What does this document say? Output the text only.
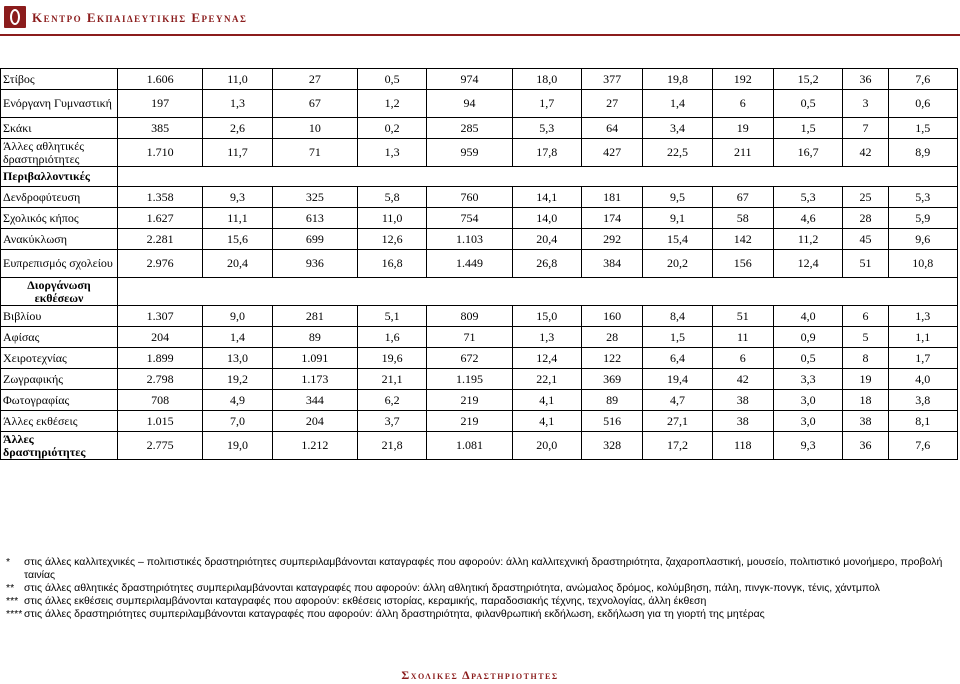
Κεντρο Εκπαιδευτικης Ερευνας
Στίβος	1.606	11,0	27	0,5	974	18,0	377	19,8	192	15,2	36	7,6
Ενόργανη Γυμναστική	197	1,3	67	1,2	94	1,7	27	1,4	6	0,5	3	0,6
Σκάκι	385	2,6	10	0,2	285	5,3	64	3,4	19	1,5	7	1,5
Άλλες αθλητικές δραστηριότητες	1.710	11,7	71	1,3	959	17,8	427	22,5	211	16,7	42	8,9
Περιβαλλοντικές												
Δενδροφύτευση	1.358	9,3	325	5,8	760	14,1	181	9,5	67	5,3	25	5,3
Σχολικός κήπος	1.627	11,1	613	11,0	754	14,0	174	9,1	58	4,6	28	5,9
Ανακύκλωση	2.281	15,6	699	12,6	1.103	20,4	292	15,4	142	11,2	45	9,6
Ευπρεπισμός σχολείου	2.976	20,4	936	16,8	1.449	26,8	384	20,2	156	12,4	51	10,8
Διοργάνωση εκθέσεων												
Βιβλίου	1.307	9,0	281	5,1	809	15,0	160	8,4	51	4,0	6	1,3
Αφίσας	204	1,4	89	1,6	71	1,3	28	1,5	11	0,9	5	1,1
Χειροτεχνίας	1.899	13,0	1.091	19,6	672	12,4	122	6,4	6	0,5	8	1,7
Ζωγραφικής	2.798	19,2	1.173	21,1	1.195	22,1	369	19,4	42	3,3	19	4,0
Φωτογραφίας	708	4,9	344	6,2	219	4,1	89	4,7	38	3,0	18	3,8
Άλλες εκθέσεις	1.015	7,0	204	3,7	219	4,1	516	27,1	38	3,0	38	8,1
Άλλες δραστηριότητες	2.775	19,0	1.212	21,8	1.081	20,0	328	17,2	118	9,3	36	7,6
*	στις άλλες καλλιτεχνικές – πολιτιστικές δραστηριότητες συμπεριλαμβάνονται καταγραφές που αφορούν: άλλη καλλιτεχνική δραστηριότητα, ζαχαροπλαστική, μουσείο, πολιτιστικό μονοήμερο, προβολή ταινίας
** στις άλλες αθλητικές δραστηριότητες συμπεριλαμβάνονται καταγραφές που αφορούν: άλλη αθλητική δραστηριότητα, ανώμαλος δρόμος, κολύμβηση, πάλη, πινγκ-πονγκ, τένις, χάντμπολ
*** στις άλλες εκθέσεις συμπεριλαμβάνονται καταγραφές που αφορούν: εκθέσεις ιστορίας, κεραμικής, παραδοσιακής τέχνης, τεχνολογίας, άλλη έκθεση
**** στις άλλες δραστηριότητες συμπεριλαμβάνονται καταγραφές που αφορούν: άλλη δραστηριότητα, φιλανθρωπική εκδήλωση, εκδήλωση για τη γιορτή της μητέρας
Σχολικες Δραστηριοτητες
